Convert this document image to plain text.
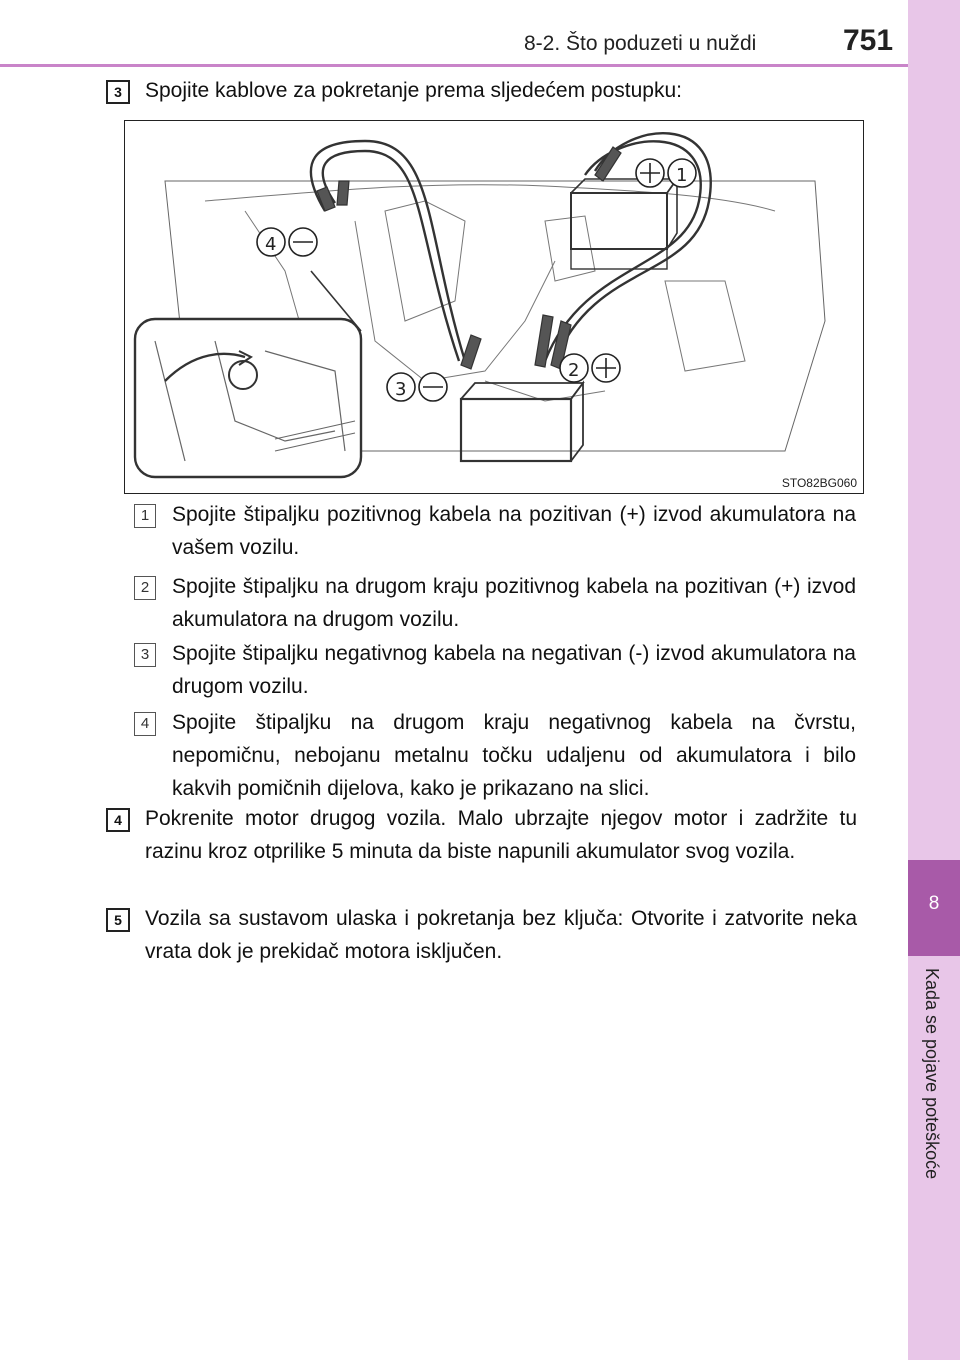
8-2. Što poduzeti u nuždi	751
8
Kada se pojave poteškoće
3	Spojite kablove za pokretanje prema sljedećem postupku:
1
4
2
3
STO82BG060
1	Spojite štipaljku pozitivnog kabela na pozitivan (+) izvod akumulatora na vašem vozilu.
2	Spojite štipaljku na drugom kraju pozitivnog kabela na pozitivan (+) izvod akumulatora na drugom vozilu.
3	Spojite štipaljku negativnog kabela na negativan (-) izvod akumulatora na drugom vozilu.
4	Spojite štipaljku na drugom kraju negativnog kabela na čvrstu, nepomičnu, nebojanu metalnu točku udaljenu od akumulatora i bilo kakvih pomičnih dijelova, kako je prikazano na slici.
4	Pokrenite motor drugog vozila. Malo ubrzajte njegov motor i zadržite tu razinu kroz otprilike 5 minuta da biste napunili akumulator svog vozila.
5	Vozila sa sustavom ulaska i pokretanja bez ključa: Otvorite i zatvorite neka vrata dok je prekidač motora isključen.
